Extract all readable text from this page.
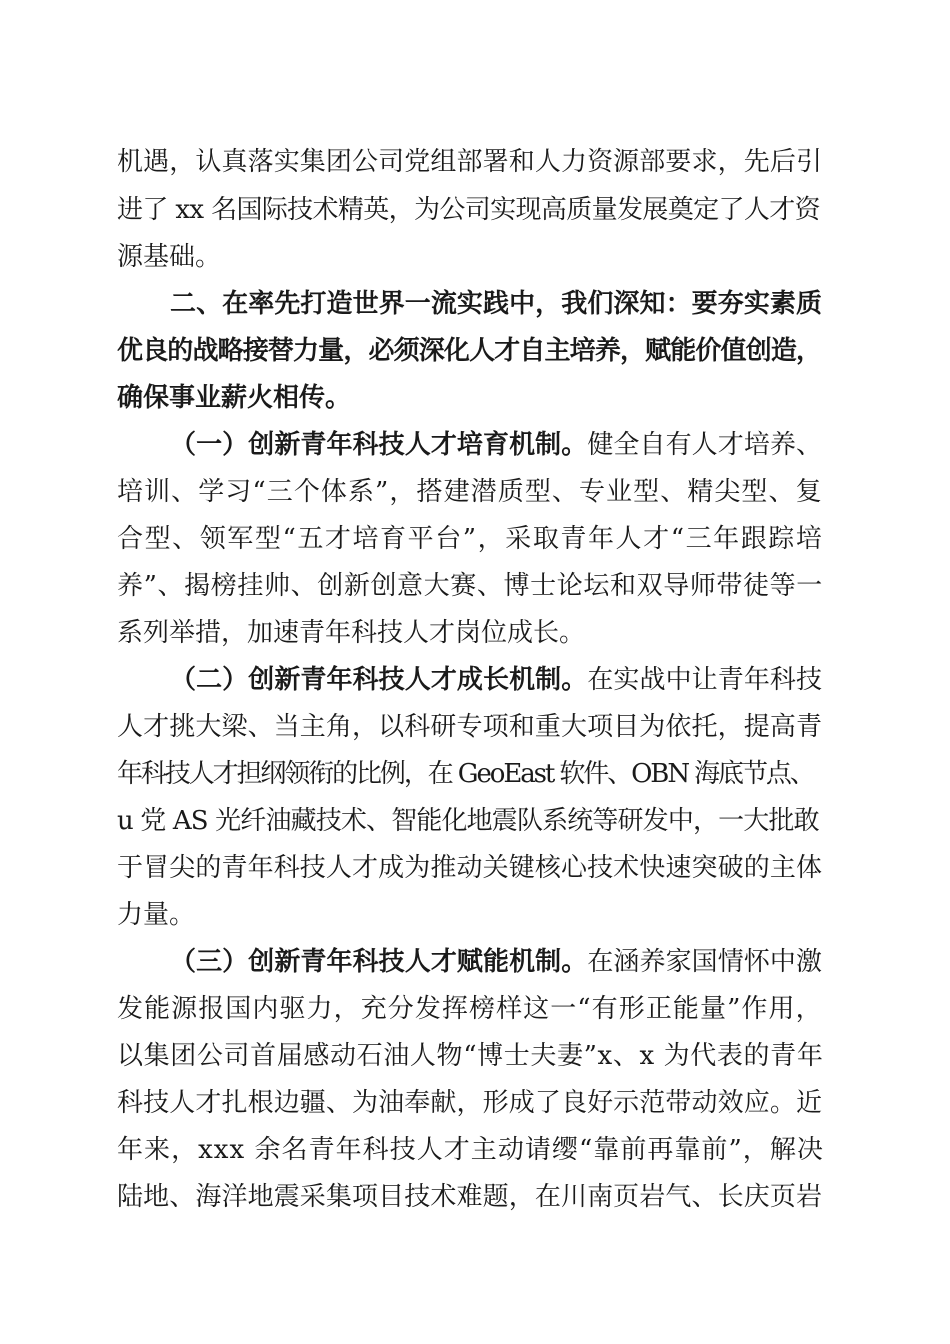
机遇，认真落实集团公司党组部署和人力资源部要求，先后引
进了 xx 名国际技术精英，为公司实现高质量发展奠定了人才资
源基础。
二、在率先打造世界一流实践中，我们深知：要夯实素质
优良的战略接替力量，必须深化人才自主培养，赋能价值创造，
确保事业薪火相传。
（一）创新青年科技人才培育机制。健全自有人才培养、
培训、学习“三个体系”，搭建潜质型、专业型、精尖型、复
合型、领军型“五才培育平台”，采取青年人才“三年跟踪培
养”、揭榜挂帅、创新创意大赛、博士论坛和双导师带徒等一
系列举措，加速青年科技人才岗位成长。
（二）创新青年科技人才成长机制。在实战中让青年科技
人才挑大梁、当主角，以科研专项和重大项目为依托，提高青
年科技人才担纲领衔的比例，在 GeoEast 软件、OBN 海底节点、
u 党 AS 光纤油藏技术、智能化地震队系统等研发中，一大批敢
于冒尖的青年科技人才成为推动关键核心技术快速突破的主体
力量。
（三）创新青年科技人才赋能机制。在涵养家国情怀中激
发能源报国内驱力，充分发挥榜样这一“有形正能量”作用，
以集团公司首届感动石油人物“博士夫妻”x、x 为代表的青年
科技人才扎根边疆、为油奉献，形成了良好示范带动效应。近
年来，xxx 余名青年科技人才主动请缨“靠前再靠前”，解决
陆地、海洋地震采集项目技术难题，在川南页岩气、长庆页岩
